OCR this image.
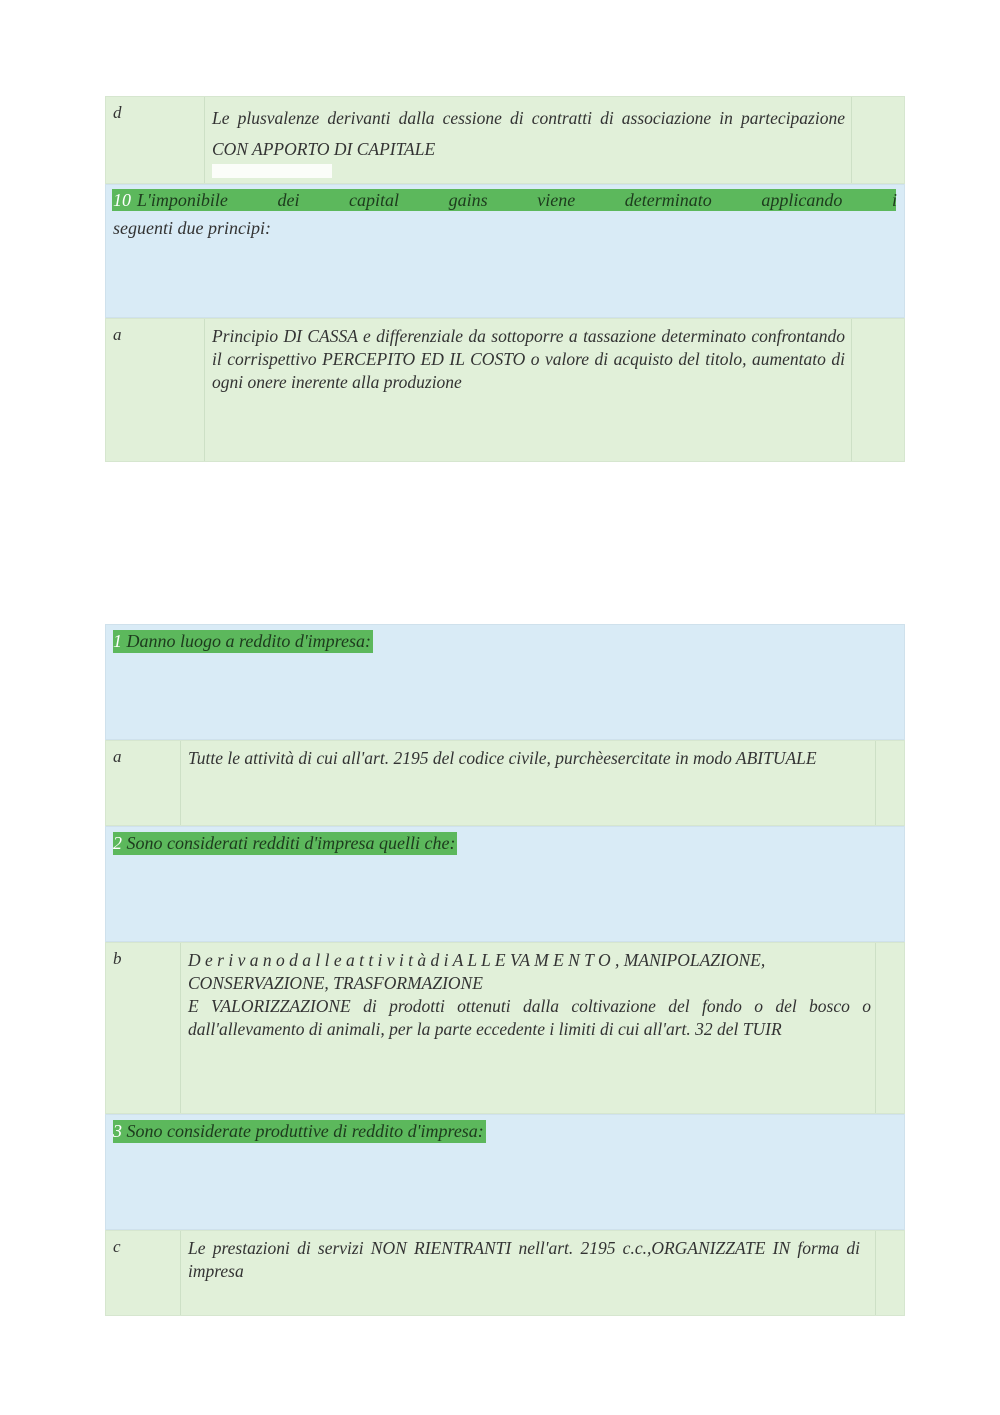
d	Le plusvalenze derivanti dalla cessione di contratti di associazione in partecipazione CON APPORTO DI CAPITALE
10 L'imponibile dei capital gains viene determinato applicando i
seguenti due principi:
a	Principio DI CASSA e differenziale da sottoporre a tassazione determinato confrontando il corrispettivo PERCEPITO ED IL COSTO o valore di acquisto del titolo, aumentato di ogni onere inerente alla produzione
1 Danno luogo a reddito d'impresa:
a	Tutte le attività di cui all'art. 2195 del codice civile, purchèesercitate in modo ABITUALE
2 Sono considerati redditi d'impresa quelli che:
b	D e r i v a n o d a l l e a t t i v i t à d i A L L E VA M E N T O , MANIPOLAZIONE,
CONSERVAZIONE, TRASFORMAZIONE
E VALORIZZAZIONE di prodotti ottenuti dalla coltivazione del fondo o del bosco o dall'allevamento di animali, per la parte eccedente i limiti di cui all'art. 32 del TUIR
3 Sono considerate produttive di reddito d'impresa:
c	Le prestazioni di servizi NON RIENTRANTI nell'art. 2195 c.c.,ORGANIZZATE IN forma di impresa
